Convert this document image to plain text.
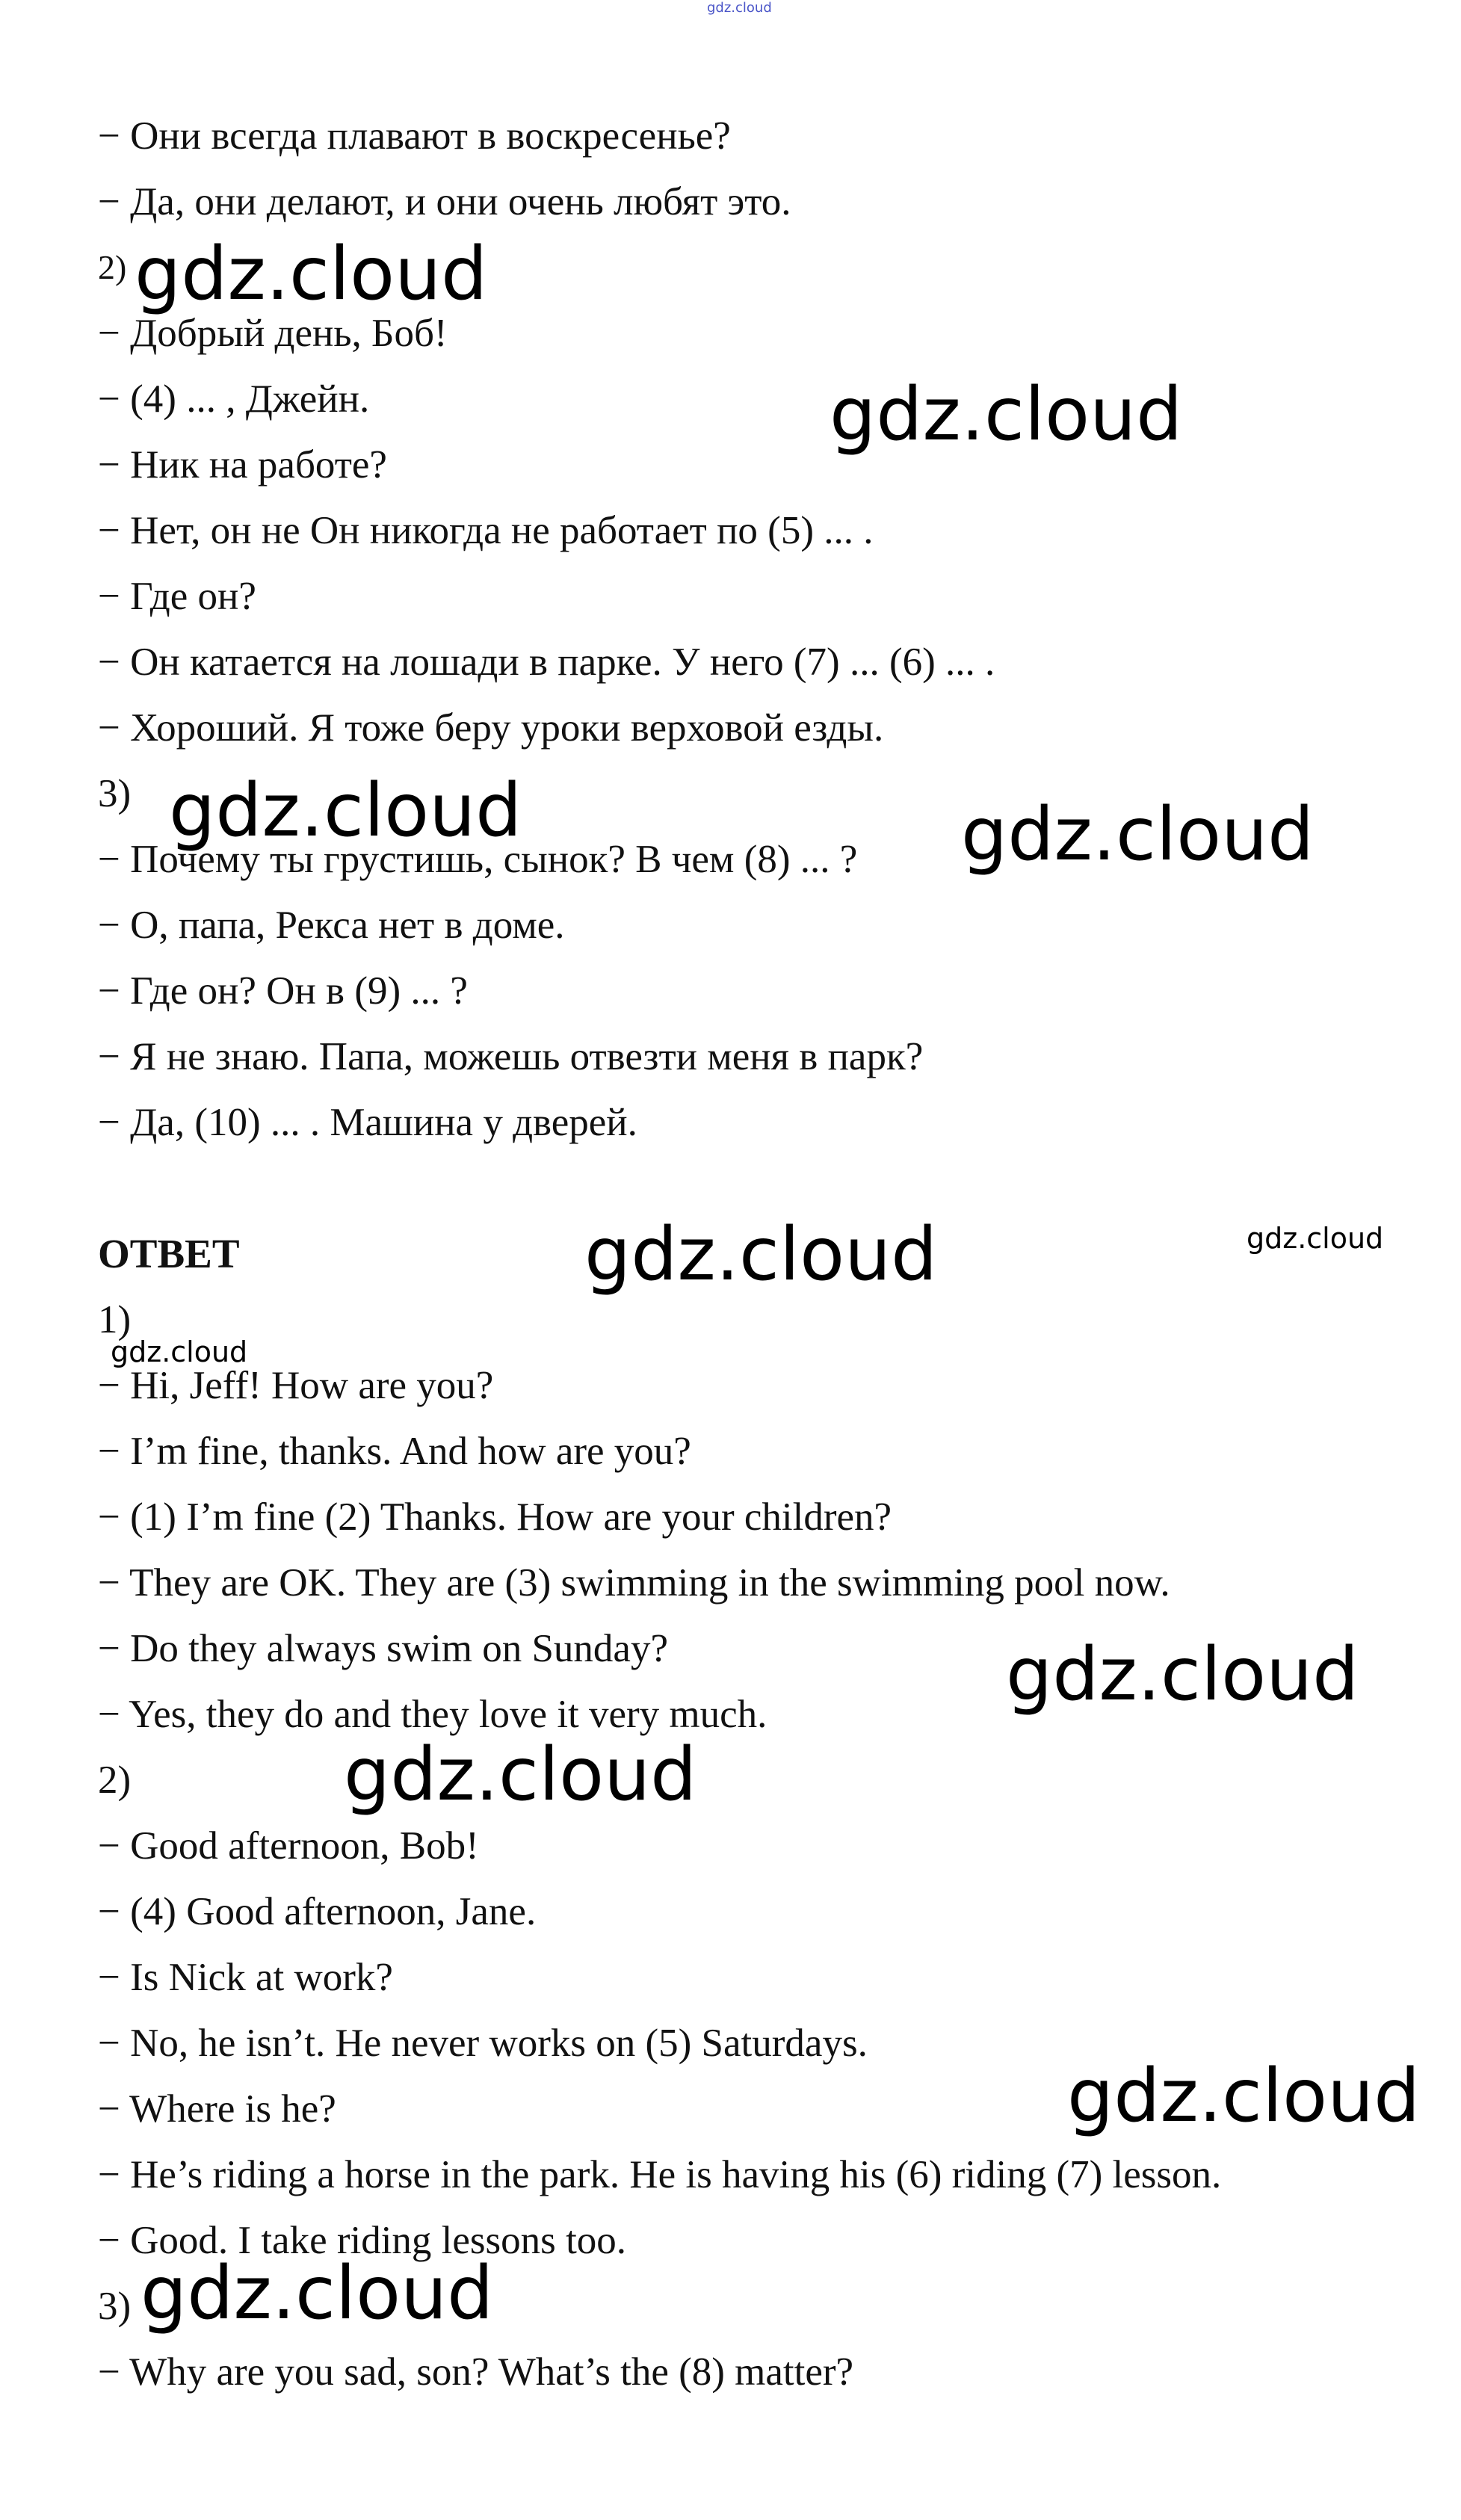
gdz.cloud

− Они всегда плавают в воскресенье?

− Да, они делают, и они очень любят это.

2)

− Добрый день, Боб!

− (4) ... , Джейн.

− Ник на работе?

− Нет, он не Он никогда не работает по (5) ... .

− Где он?

− Он катается на лошади в парке. У него (7) ... (6) ... .

− Хороший. Я тоже беру уроки верховой езды.

3)

− Почему ты грустишь, сынок? В чем (8) ... ?

− О, папа, Рекса нет в доме.

− Где он? Он в (9) ... ?

− Я не знаю. Папа, можешь отвезти меня в парк?

− Да, (10) ... . Машина у дверей.

ОТВЕТ

1)

− Hi, Jeff! How are you?

− I’m fine, thanks. And how are you?

− (1) I’m fine (2) Thanks. How are your children?

− They are OK. They are (3) swimming in the swimming pool now.

− Do they always swim on Sunday?

− Yes, they do and they love it very much.

2)

− Good afternoon, Bob!

− (4) Good afternoon, Jane.

− Is Nick at work?

− No, he isn’t. He never works on (5) Saturdays.

− Where is he?

− He’s riding a horse in the park. He is having his (6) riding (7) lesson.

− Good. I take riding lessons too.

3)

− Why are you sad, son? What’s the (8) matter?

gdz.cloud
gdz.cloud
gdz.cloud	gdz.cloud
gdz.cloud	gdz.cloud
gdz.cloud
gdz.cloud
gdz.cloud
gdz.cloud
gdz.cloud
